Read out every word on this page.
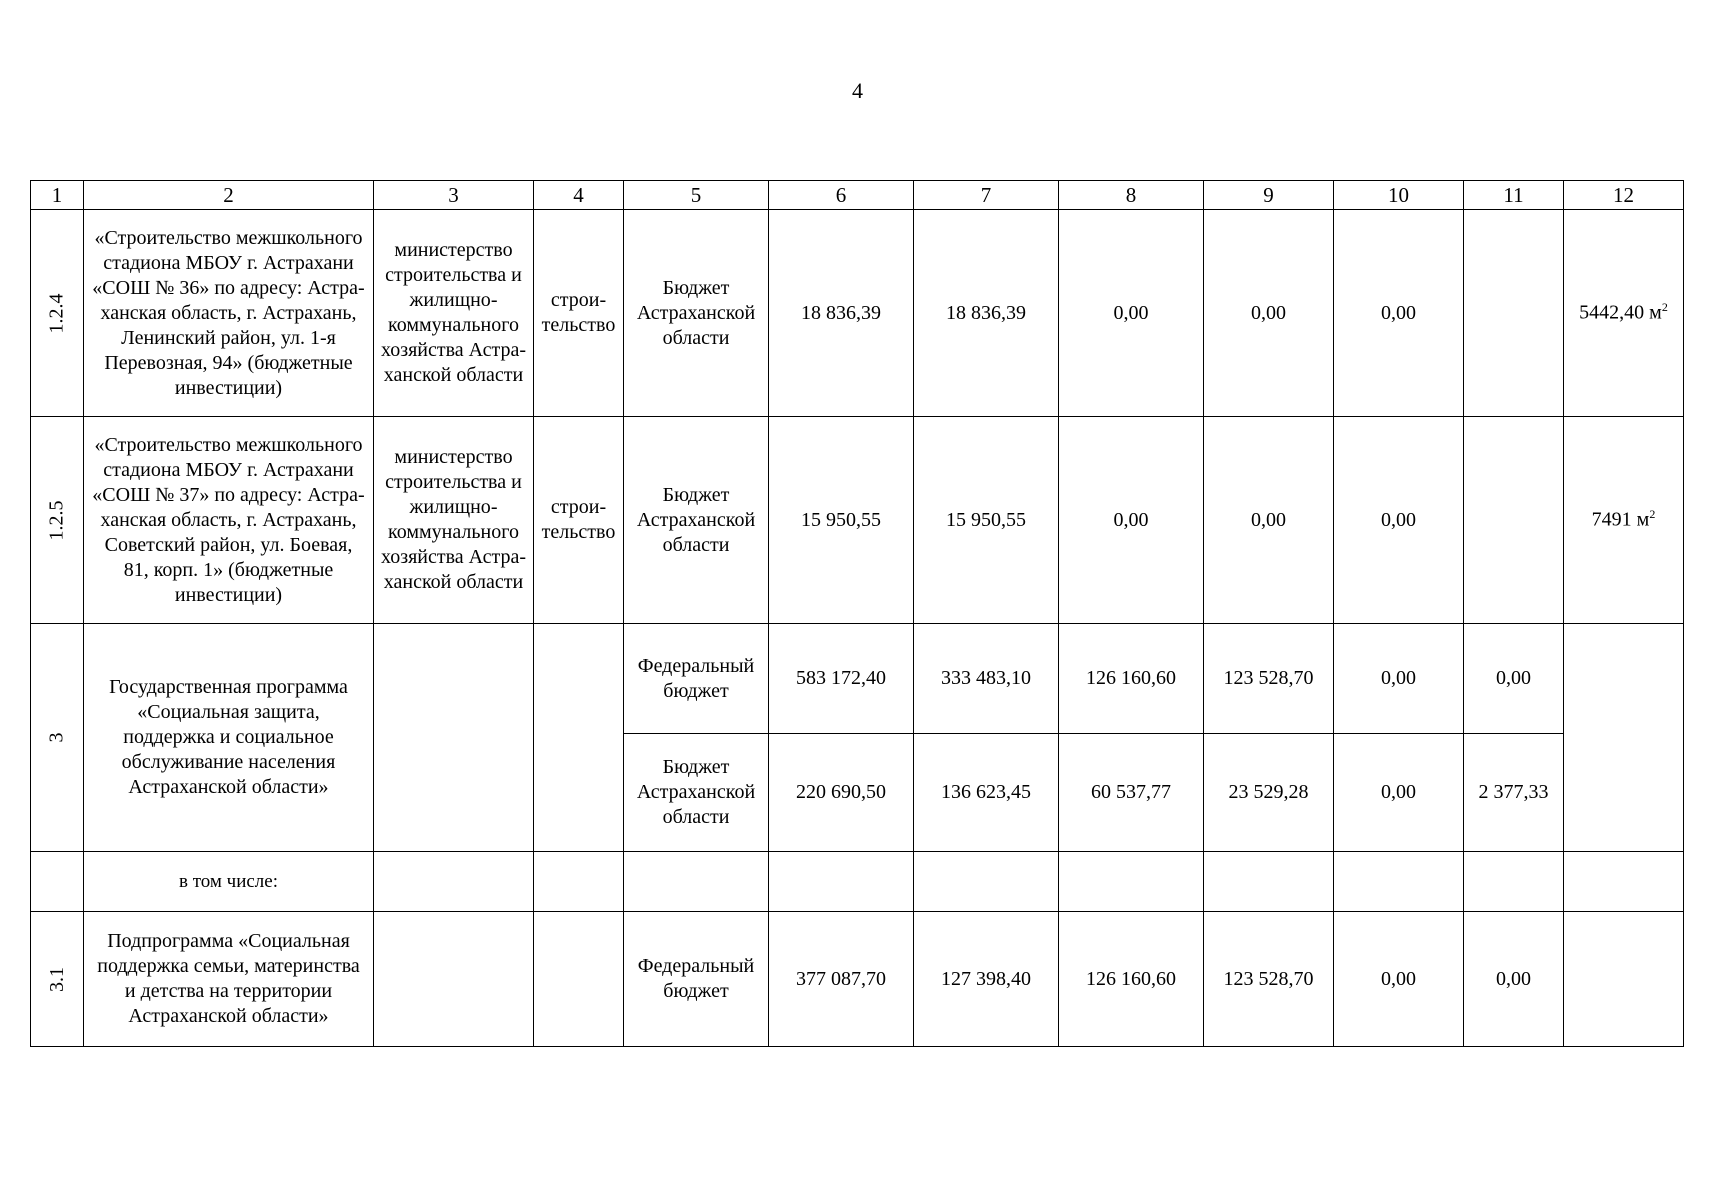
4
1	2	3	4	5	6	7	8	9	10	11	12
1.2.4	«Строительство межшкольного стадиона МБОУ г. Астрахани «СОШ № 36» по адресу: Астраханская область, г. Астрахань, Ленинский район, ул. 1-я Перевозная, 94» (бюджетные инвестиции)	министерство строительства и жилищнокоммунального хозяйства Астраханской области	строительство	Бюджет Астраханской области	18 836,39	18 836,39	0,00	0,00	0,00		5442,40 $м^2$
1.2.5	«Строительство межшкольного стадиона МБОУ г. Астрахани «СОШ № 37» по адресу: Астраханская область, г. Астрахань, Советский район, ул. Боевая, 81, корп. 1» (бюджетные инвестиции)	министерство строительства и жилищнокоммунального хозяйства Астраханской области	строительство	Бюджет Астраханской области	15 950,55	15 950,55	0,00	0,00	0,00		7491 $м^2$
3	Государственная программа «Социальная защита, поддержка и социальное обслуживание населения Астраханской области»			Федеральный бюджет	583 172,40	333 483,10	126 160,60	123 528,70	0,00	0,00	
				Бюджет Астраханской области	220 690,50	136 623,45	60 537,77	23 529,28	0,00	2 377,33	
	в том числе:										
3.1	Подпрограмма «Социальная поддержка семьи, материнства и детства на территории Астраханской области»			Федеральный бюджет	377 087,70	127 398,40	126 160,60	123 528,70	0,00	0,00	
